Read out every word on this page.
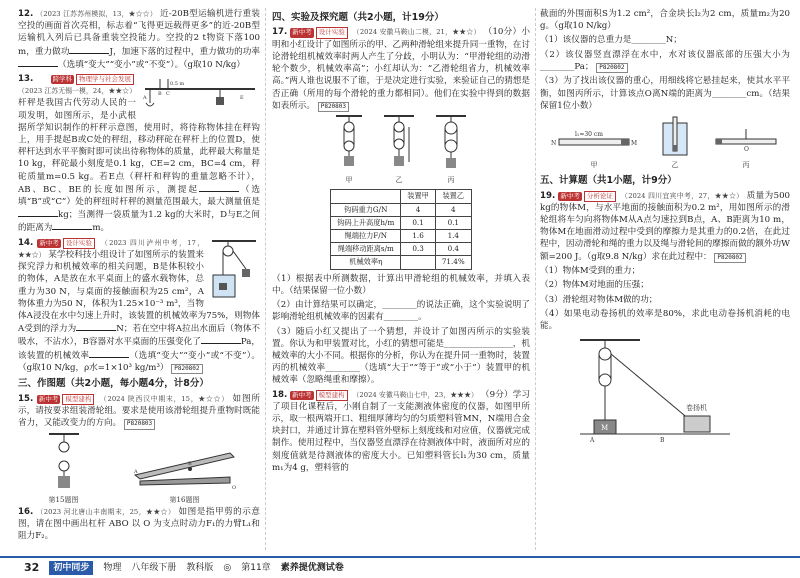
12. （2023 江苏苏州模拟，13，★☆☆） 近-20B型运输机进行重装空投的画面首次亮相，标志着“飞得更远载得更多”的近-20B型运输机入列后已具备重装空投能力。空投的2 t物资下落100 m，重力做功	J，加速下落的过程中，重力做功的功率（选填“变大”“变小”或“不变”）。（g取10 N/kg）
0.5 m
A
B C
E
13.	跨学科 物理学与社会发展 （2023 江苏无锡一模，24，★★☆） 杆秤是我国古代劳动人民的一项发明，如图所示，是小武根据所学知识制作的杆秤示意图，使用时，将待称物体挂在秤钩上，用手提起B或C处的秤纽，移动秤砣在秤杆上的位置D，使秤杆达到水平平衡时即可读出待称物体的质量，此秤最大称量是10 kg，秤砣最小刻度是0.1 kg，CE=2 cm，BC=4 cm，秤砣质量m=0.5 kg。若E点（秤杆和秤钩的重量忽略不计），AB、BC、BE的长度如图所示，测提起	（选填“B”或“C”）处的秤纽时杆秤的测量范围最大，最大测量值是kg；当测得一袋质量为1.2 kg的大米时，D与E之间的距离为	m。
14. 新中考 设计实验 （2023 四川泸州中考，17，★★☆） 某学校科技小组设计了如图所示的装置来探究浮力和机械效率的相关问题，B是体积较小的物体，A是放在水平桌面上的盛水载物体，总重力为30 N，与桌面的接触面积为25 cm²，A物体重力为50 N，体积为1.25×10⁻³ m³，当物体A浸没在水中匀速上升时，该装置的机械效率为75%，则物体A受到的浮力为	N；若在空中将A拉出水面后（物体不吸水，不沾水），B容器对水平桌面的压强变化了	Pa，该装置的机械效率	（选填“变大”“变小”或“不变”）。（g取10 N/kg，ρ水=1×10³ kg/m³） P820802
三、作图题（共2小题，每小题4分，计8分）
15. 新中考 模型建构 （2024 陕西汉中期末，15，★☆☆） 如图所示，请按要求组装滑轮组。要求是使用该滑轮组提升重物时既能省力，又能改变力的方向。 P820803
第15题图
A
B
O
第16题图
16. （2023 河北唐山丰南期末，25，★★☆） 如图是指甲剪的示意图，请在图中画出杠杆 ABO 以 O 为支点时动力F₁的力臂L₁和阻力F₂。
四、实验及探究题（共2小题，计19分）
17. 新中考 设计实验 （2024 安徽马鞍山二模，21，★★☆） （10分）小明和小红设计了如图所示的甲、乙两种滑轮组来提升同一重物，在讨论滑轮组机械效率时两人产生了分歧，小明认为：“甲滑轮组的动滑轮个数少，机械效率高”；小红却认为：“乙滑轮组省力，机械效率高。”两人谁也说服不了谁，于是决定进行实验，来验证自己的猜想是否正确（所用的每个滑轮的重力都相同）。他们在实验中得到的数据如表所示。 P820803
甲	乙	丙
	装置甲	装置乙
钩码重力G/N	4	4
钩码上升高度h/m	0.1	0.1
绳端拉力F/N	1.6	1.4
绳端移动距离s/m	0.3	0.4
机械效率η		71.4%
（1）根据表中所测数据，计算出甲滑轮组的机械效率，并填入表中。（结果保留一位小数）
（2）由计算结果可以确定，________的说法正确，这个实验说明了影响滑轮组机械效率的因素有________。
（3）随后小红又提出了一个猜想，并设计了如图丙所示的实验装置。你认为和甲装置对比，小红的猜想可能是________________，机械效率的大小不同。根据你的分析，你认为在提升同一重物时，装置丙的机械效率________（选填“大于”“等于”或“小于”）装置甲的机械效率（忽略绳重和摩擦）。
18. 新中考 模型建构 （2024 安徽马鞍山七中，23，★★★） （9分）学习了项目化课程后，小刚自制了一支能测液体密度的仪器，如图甲所示，取一根两端开口、粗细厚薄均匀的匀质塑料管MN，N端用合金块封口，并通过计算在塑料管外壁标上刻度线和对应值，仪器就完成制作。使用过程中，当仪器竖直漂浮在待测液体中时，液面所对应的刻度值就是待测液体的密度大小。已知塑料管长l₁为30 cm，质量m₁为4 g，塑料管的
截面的外围面积S为1.2 cm²，合金块长l₂为2 cm，质量m₂为20 g。（g取10 N/kg）
（1）该仪器的总重力是________N；
（2）该仪器竖直漂浮在水中，水对该仪器底部的压强大小为________Pa； P820802
（3）为了找出该仪器的重心，用细线将它悬挂起来，使其水平平衡，如图丙所示，计算该点O离N端的距离为________cm。（结果保留1位小数）
l₁=30 cm
N	M
甲	乙
O
丙
五、计算题（共1小题，计9分）
19. 新中考 分析论证 （2024 四川宜宾中考，27，★★☆） 质量为500 kg的物体M，与水平地面的接触面积为0.2 m²，用如图所示的滑轮组将车匀向将物体M从A点匀速拉到B点，A、B距离为10 m，物体M在地面滑动过程中受到的摩擦力是其重力的0.2倍，在此过程中，因动滑轮和绳的重力以及绳与滑轮间的摩擦而做的额外功W额=200 J。（g取9.8 N/kg）求在此过程中： P820802
（1）物体M受到的重力；
（2）物体M对地面的压强；
（3）滑轮组对物体M做的功；
（4）如果电动卷扬机的效率是80%，求此电动卷扬机消耗的电能。
M
卷扬机
A	B
32	初中同步	物理 八年级下册 教科版 ◎ 第11章 素养提优测试卷
